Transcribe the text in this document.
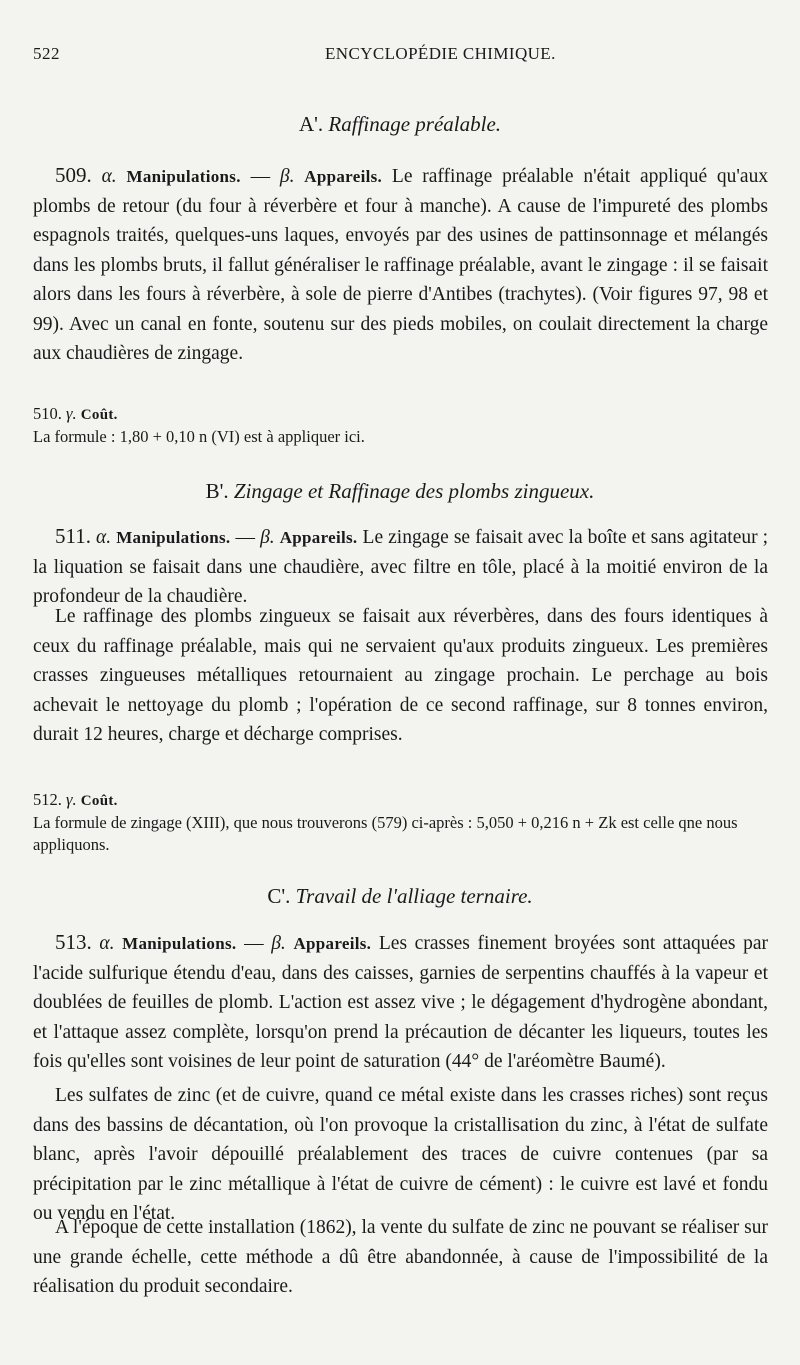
522	ENCYCLOPÉDIE CHIMIQUE.
A'. Raffinage préalable.
509. α. Manipulations. — β. Appareils. Le raffinage préalable n'était appliqué qu'aux plombs de retour (du four à réverbère et four à manche). A cause de l'impureté des plombs espagnols traités, quelques-uns laques, envoyés par des usines de pattinsonnage et mélangés dans les plombs bruts, il fallut généraliser le raffinage préalable, avant le zingage : il se faisait alors dans les fours à réverbère, à sole de pierre d'Antibes (trachytes). (Voir figures 97, 98 et 99). Avec un canal en fonte, soutenu sur des pieds mobiles, on coulait directement la charge aux chaudières de zingage.
510. γ. Coût.
La formule : 1,80 + 0,10 n (VI) est à appliquer ici.
B'. Zingage et Raffinage des plombs zingueux.
511. α. Manipulations. — β. Appareils. Le zingage se faisait avec la boîte et sans agitateur ; la liquation se faisait dans une chaudière, avec filtre en tôle, placé à la moitié environ de la profondeur de la chaudière.
Le raffinage des plombs zingueux se faisait aux réverbères, dans des fours identiques à ceux du raffinage préalable, mais qui ne servaient qu'aux produits zingueux. Les premières crasses zingueuses métalliques retournaient au zingage prochain. Le perchage au bois achevait le nettoyage du plomb ; l'opération de ce second raffinage, sur 8 tonnes environ, durait 12 heures, charge et décharge comprises.
512. γ. Coût.
La formule de zingage (XIII), que nous trouverons (579) ci-après : 5,050 + 0,216 n + Zk est celle qne nous appliquons.
C'. Travail de l'alliage ternaire.
513. α. Manipulations. — β. Appareils. Les crasses finement broyées sont attaquées par l'acide sulfurique étendu d'eau, dans des caisses, garnies de serpentins chauffés à la vapeur et doublées de feuilles de plomb. L'action est assez vive ; le dégagement d'hydrogène abondant, et l'attaque assez complète, lorsqu'on prend la précaution de décanter les liqueurs, toutes les fois qu'elles sont voisines de leur point de saturation (44° de l'aréomètre Baumé).
Les sulfates de zinc (et de cuivre, quand ce métal existe dans les crasses riches) sont reçus dans des bassins de décantation, où l'on provoque la cristallisation du zinc, à l'état de sulfate blanc, après l'avoir dépouillé préalablement des traces de cuivre contenues (par sa précipitation par le zinc métallique à l'état de cuivre de cément) : le cuivre est lavé et fondu ou vendu en l'état.
A l'époque de cette installation (1862), la vente du sulfate de zinc ne pouvant se réaliser sur une grande échelle, cette méthode a dû être abandonnée, à cause de l'impossibilité de la réalisation du produit secondaire.
